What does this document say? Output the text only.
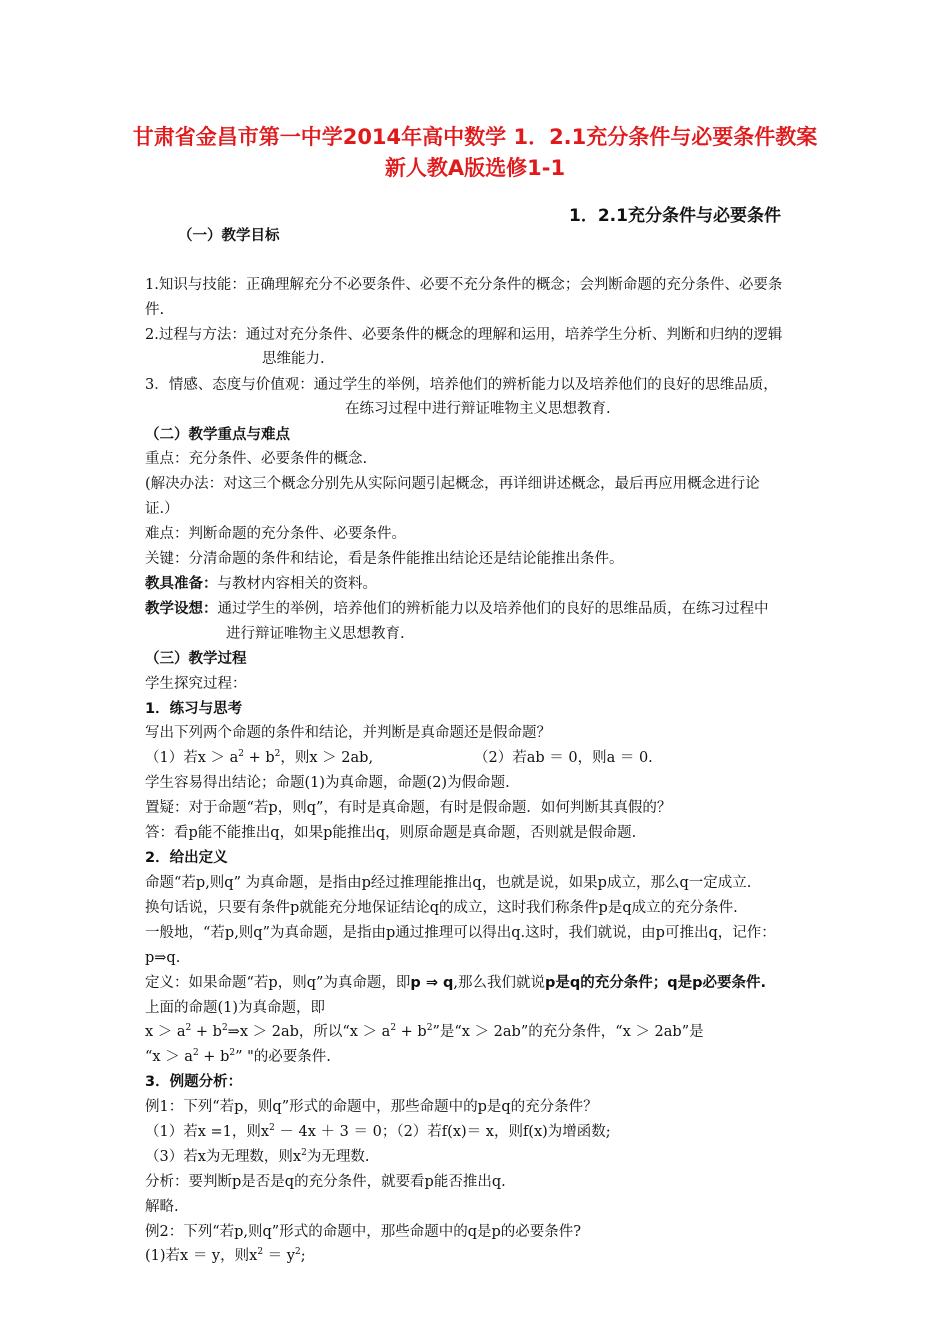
甘肃省金昌市第一中学2014年高中数学 1．2.1充分条件与必要条件教案
新人教A版选修1-1
1．2.1充分条件与必要条件
（一）教学目标
1.知识与技能：正确理解充分不必要条件、必要不充分条件的概念；会判断命题的充分条件、必要条
件.
2.过程与方法：通过对充分条件、必要条件的概念的理解和运用，培养学生分析、判断和归纳的逻辑
思维能力.
3．情感、态度与价值观：通过学生的举例，培养他们的辨析能力以及培养他们的良好的思维品质，
在练习过程中进行辩证唯物主义思想教育.
（二）教学重点与难点
重点：充分条件、必要条件的概念.
(解决办法：对这三个概念分别先从实际问题引起概念，再详细讲述概念，最后再应用概念进行论
证.）
难点：判断命题的充分条件、必要条件。
关键：分清命题的条件和结论，看是条件能推出结论还是结论能推出条件。
教具准备：与教材内容相关的资料。
教学设想：通过学生的举例，培养他们的辨析能力以及培养他们的良好的思维品质，在练习过程中
进行辩证唯物主义思想教育.
（三）教学过程
学生探究过程：
1．练习与思考
写出下列两个命题的条件和结论，并判断是真命题还是假命题？
（1）若$x > a^2 + b^2$，则x ＞ 2ab,	（2）若ab ＝ 0，则a ＝ 0.
学生容易得出结论；命题(1)为真命题，命题(2)为假命题.
置疑：对于命题“若p，则q”，有时是真命题，有时是假命题．如何判断其真假的？
答：看p能不能推出q，如果p能推出q，则原命题是真命题，否则就是假命题.
2．给出定义
命题“若p,则q” 为真命题，是指由p经过推理能推出q，也就是说，如果p成立，那么q一定成立.
换句话说，只要有条件p就能充分地保证结论q的成立，这时我们称条件p是q成立的充分条件.
一般地，“若p,则q”为真命题，是指由p通过推理可以得出q.这时，我们就说，由p可推出q，记作：
p⇒q.
定义：如果命题“若p，则q”为真命题，即p ⇒ q,那么我们就说p是q的充分条件；q是p必要条件.
上面的命题(1)为真命题，即
$x > a^2$ + $b^2\Rightarrow x > 2ab$，所以“$x > a^2 + b^2$”是“x ＞ 2ab”的充分条件，“x ＞ 2ab”是
“$x > a^2 + b^2$” "的必要条件.
3．例题分析：
例1：下列“若p，则q”形式的命题中，那些命题中的p是q的充分条件？
（1）若x =1，则$x^2 - 4x + 3 = 0$；（2）若f(x)＝ x，则f(x)为增函数;
（3）若x为无理数，则$x^2$为无理数.
分析：要判断p是否是q的充分条件，就要看p能否推出q.
解略.
例2：下列“若p,则q”形式的命题中，那些命题中的q是p的必要条件?
(1)若x ＝ y，则$x^2 = y^2$;
